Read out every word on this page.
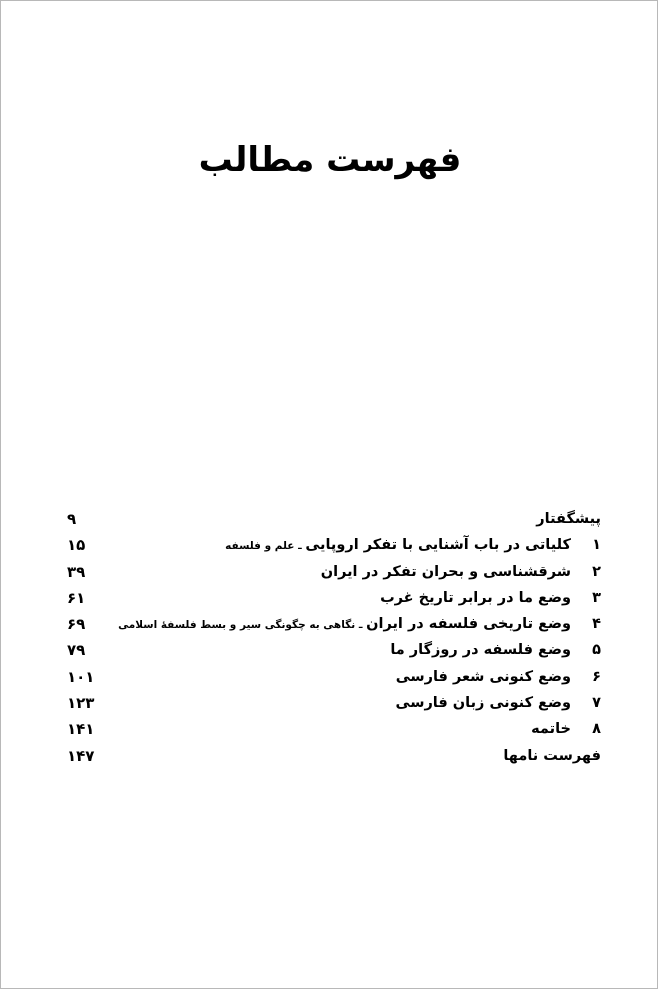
فهرست مطالب
پیشگفتار
۹
۱کلیاتی در باب آشنایی با تفکر اروپایی ـ علم و فلسفه
۱۵
۲شرقشناسی و بحران تفکر در ایران
۳۹
۳وضع ما در برابر تاریخ غرب
۶۱
۴وضع تاریخی فلسفه در ایران ـ نگاهی به چگونگی سیر و بسط فلسفهٔ اسلامی
۶۹
۵وضع فلسفه در روزگار ما
۷۹
۶وضع کنونی شعر فارسی
۱۰۱
۷وضع کنونی زبان فارسی
۱۲۳
۸خاتمه
۱۴۱
فهرست نامها
۱۴۷
